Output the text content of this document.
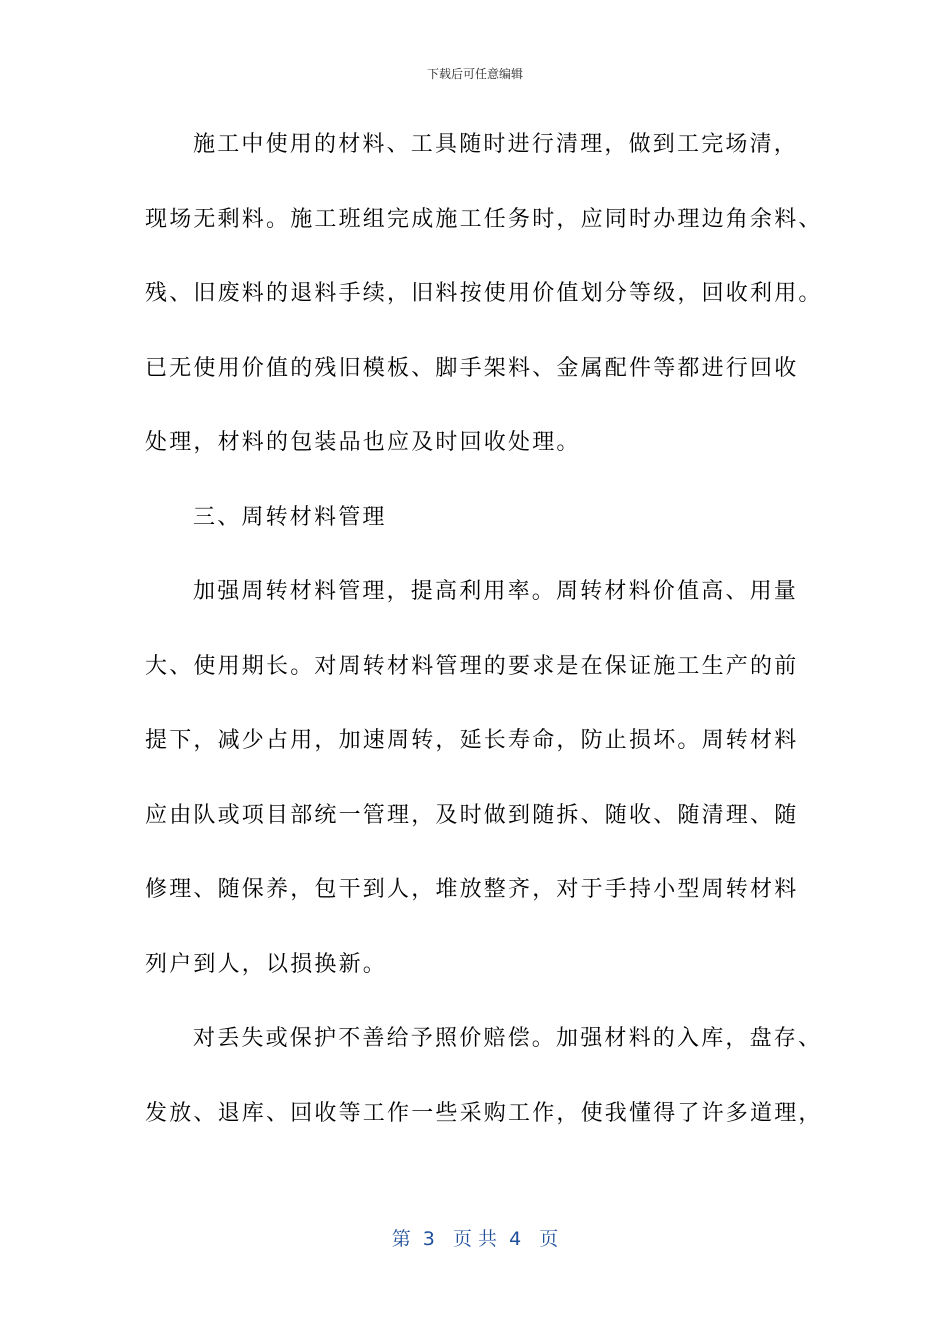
下载后可任意编辑
施工中使用的材料、工具随时进行清理，做到工完场清，
现场无剩料。施工班组完成施工任务时，应同时办理边角余料、
残、旧废料的退料手续，旧料按使用价值划分等级，回收利用。
已无使用价值的残旧模板、脚手架料、金属配件等都进行回收
处理，材料的包装品也应及时回收处理。
三、周转材料管理
加强周转材料管理，提高利用率。周转材料价值高、用量
大、使用期长。对周转材料管理的要求是在保证施工生产的前
提下，减少占用，加速周转，延长寿命，防止损坏。周转材料
应由队或项目部统一管理，及时做到随拆、随收、随清理、随
修理、随保养，包干到人，堆放整齐，对于手持小型周转材料
列户到人，以损换新。
对丢失或保护不善给予照价赔偿。加强材料的入库，盘存、
发放、退库、回收等工作一些采购工作，使我懂得了许多道理，
第  3   页 共  4   页
